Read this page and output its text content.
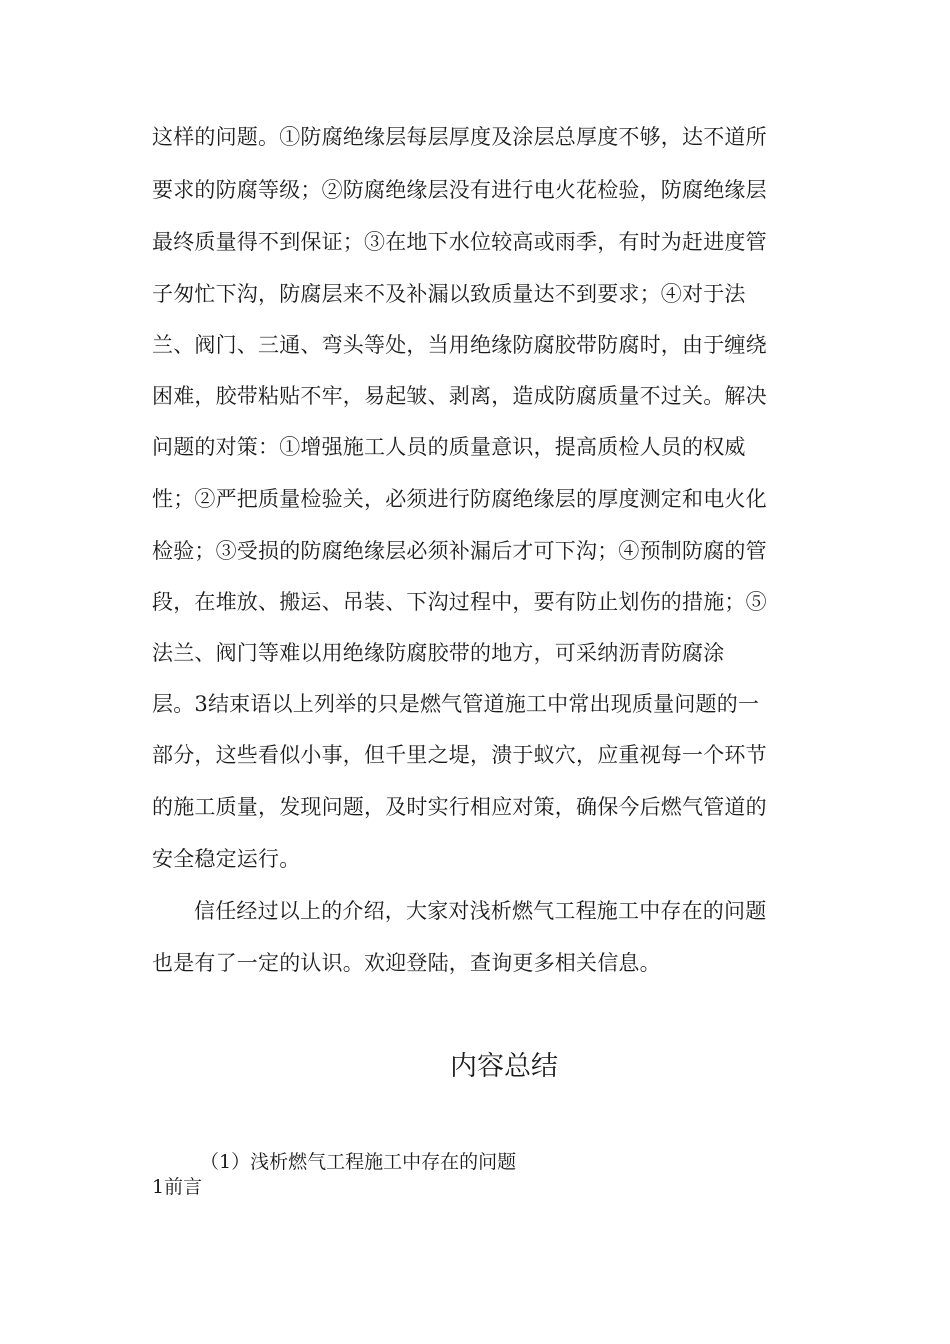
这样的问题。①防腐绝缘层每层厚度及涂层总厚度不够，达不道所
要求的防腐等级；②防腐绝缘层没有进行电火花检验，防腐绝缘层
最终质量得不到保证；③在地下水位较高或雨季，有时为赶进度管
子匆忙下沟，防腐层来不及补漏以致质量达不到要求；④对于法
兰、阀门、三通、弯头等处，当用绝缘防腐胶带防腐时，由于缠绕
困难，胶带粘贴不牢，易起皱、剥离，造成防腐质量不过关。解决
问题的对策：①增强施工人员的质量意识，提高质检人员的权威
性；②严把质量检验关，必须进行防腐绝缘层的厚度测定和电火化
检验；③受损的防腐绝缘层必须补漏后才可下沟；④预制防腐的管
段，在堆放、搬运、吊装、下沟过程中，要有防止划伤的措施；⑤
法兰、阀门等难以用绝缘防腐胶带的地方，可采纳沥青防腐涂
层。3结束语以上列举的只是燃气管道施工中常出现质量问题的一
部分，这些看似小事，但千里之堤，溃于蚁穴，应重视每一个环节
的施工质量，发现问题，及时实行相应对策，确保今后燃气管道的
安全稳定运行。
信任经过以上的介绍，大家对浅析燃气工程施工中存在的问题
也是有了一定的认识。欢迎登陆，查询更多相关信息。
内容总结
（1）浅析燃气工程施工中存在的问题
1前言
